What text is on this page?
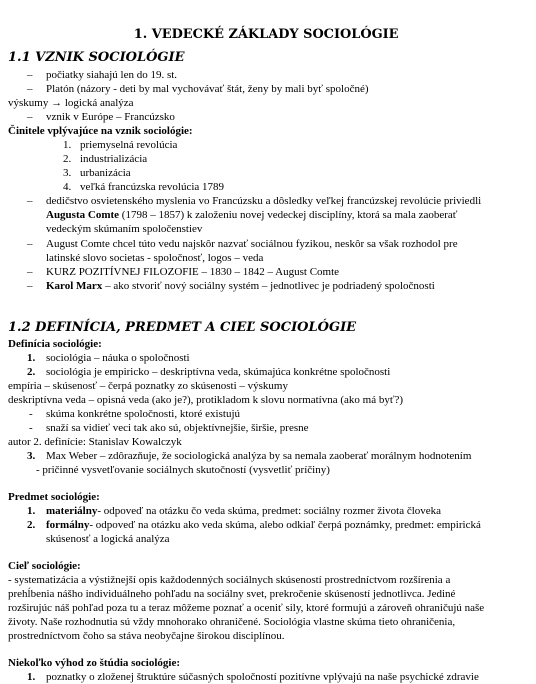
1. VEDECKÉ ZÁKLADY SOCIOLÓGIE
1.1 VZNIK SOCIOLÓGIE
– počiatky siahajú len do 19. st.
– Platón (názory - deti by mal vychovávať štát, ženy by mali byť spoločné)
výskumy → logická analýza
– vznik v Európe – Francúzsko
Činitele vplývajúce na vznik sociológie:
1. priemyselná revolúcia
2. industrializácia
3. urbanizácia
4. veľká francúzska revolúcia 1789
– dedičstvo osvietenského myslenia vo Francúzsku a dôsledky veľkej francúzskej revolúcie priviedli
Augusta Comte (1798 – 1857) k založeniu novej vedeckej disciplíny, ktorá sa mala zaoberať
vedeckým skúmaním spoločenstiev
– August Comte chcel túto vedu najskôr nazvať sociálnou fyzikou, neskôr sa však rozhodol pre
latinské slovo societas - spoločnosť, logos – veda
– KURZ POZITÍVNEJ FILOZOFIE – 1830 – 1842 – August Comte
– Karol Marx – ako stvoriť nový sociálny systém – jednotlivec je podriadený spoločnosti
1.2 DEFINÍCIA, PREDMET A CIEĽ SOCIOLÓGIE
Definícia sociológie:
1. sociológia – náuka o spoločnosti
2. sociológia je empiricko – deskriptívna veda, skúmajúca konkrétne spoločnosti
empíria – skúsenosť – čerpá poznatky zo skúsenosti – výskumy
deskriptívna veda – opisná veda (ako je?), protikladom k slovu normatívna (ako má byť?)
- skúma konkrétne spoločnosti, ktoré existujú
- snaží sa vidieť veci tak ako sú, objektívnejšie, širšie, presne
autor 2. definície: Stanislav Kowalczyk
3. Max Weber – zdôrazňuje, že sociologická analýza by sa nemala zaoberať morálnym hodnotením
- pričinné vysvetľovanie sociálnych skutočností (vysvetliť príčiny)
Predmet sociológie:
1. materiálny- odpoveď na otázku čo veda skúma, predmet: sociálny rozmer života človeka
2. formálny- odpoveď na otázku ako veda skúma, alebo odkiaľ čerpá poznámky, predmet: empirická
skúsenosť a logická analýza
Cieľ sociológie:
- systematizácia a výstižnejší opis každodenných sociálnych skúseností prostredníctvom rozšírenia a
prehĺbenia nášho individuálneho pohľadu na sociálny svet, prekročenie skúseností jednotlivca. Jediné
rozširujúc náš pohľad poza tu a teraz môžeme poznať a oceniť sily, ktoré formujú a zároveň ohraničujú naše
životy. Naše rozhodnutia sú vždy mnohorako ohraničené. Sociológia vlastne skúma tieto ohraničenia,
prostredníctvom čoho sa stáva neobyčajne širokou disciplínou.
Niekoľko výhod zo štúdia sociológie:
1. poznatky o zloženej štruktúre súčasných spoločností pozitívne vplývajú na naše psychické zdravie
